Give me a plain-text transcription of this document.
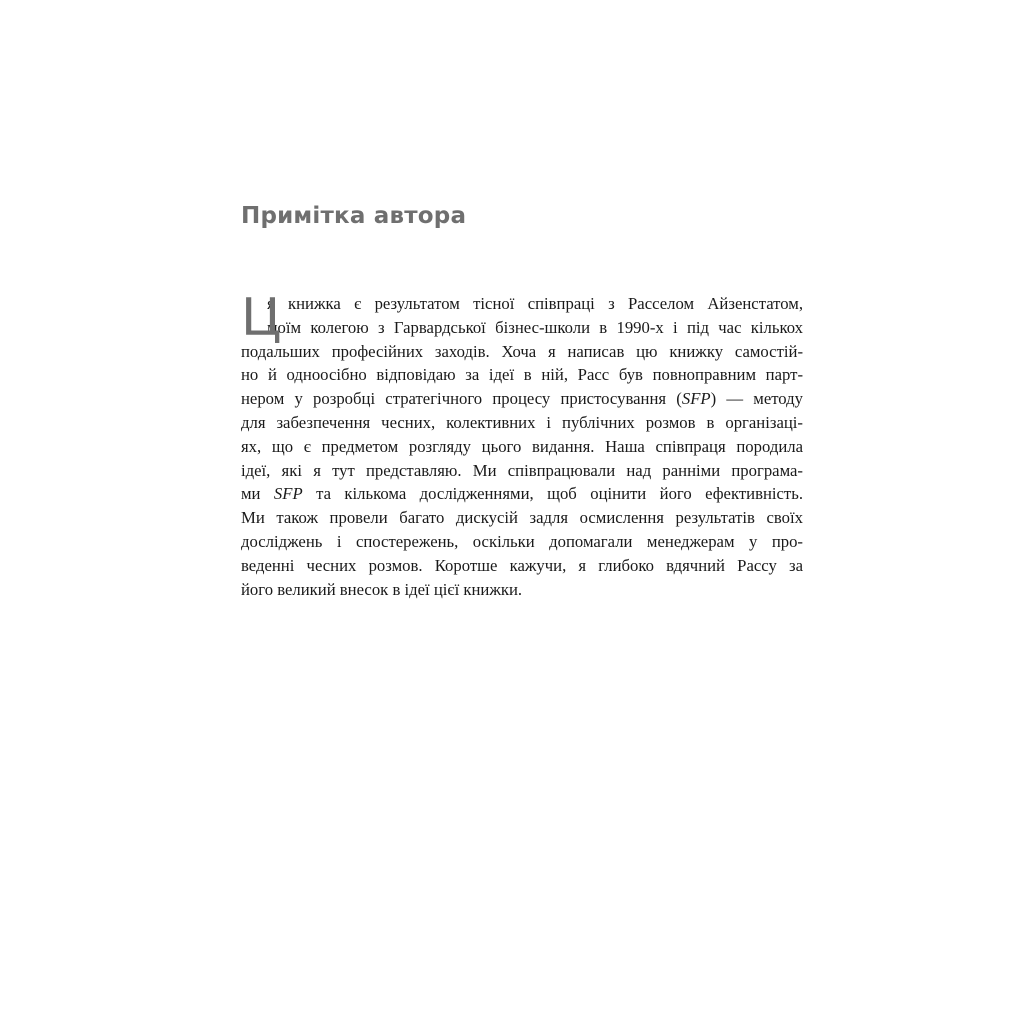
Примітка автора
Ц
я книжка є результатом тісної співпраці з Расселом Айзенстатом,
моїм колегою з Гарвардської бізнес-школи в 1990-х і під час кількох
подальших професійних заходів. Хоча я написав цю книжку самостій-
но й одноосібно відповідаю за ідеї в ній, Расс був повноправним парт-
нером у розробці стратегічного процесу пристосування (SFP) — методу
для забезпечення чесних, колективних і публічних розмов в організаці-
ях, що є предметом розгляду цього видання. Наша співпраця породила
ідеї, які я тут представляю. Ми співпрацювали над ранніми програма-
ми SFP та кількома дослідженнями, щоб оцінити його ефективність.
Ми також провели багато дискусій задля осмислення результатів своїх
досліджень і спостережень, оскільки допомагали менеджерам у про-
веденні чесних розмов. Коротше кажучи, я глибоко вдячний Рассу за
його великий внесок в ідеї цієї книжки.
